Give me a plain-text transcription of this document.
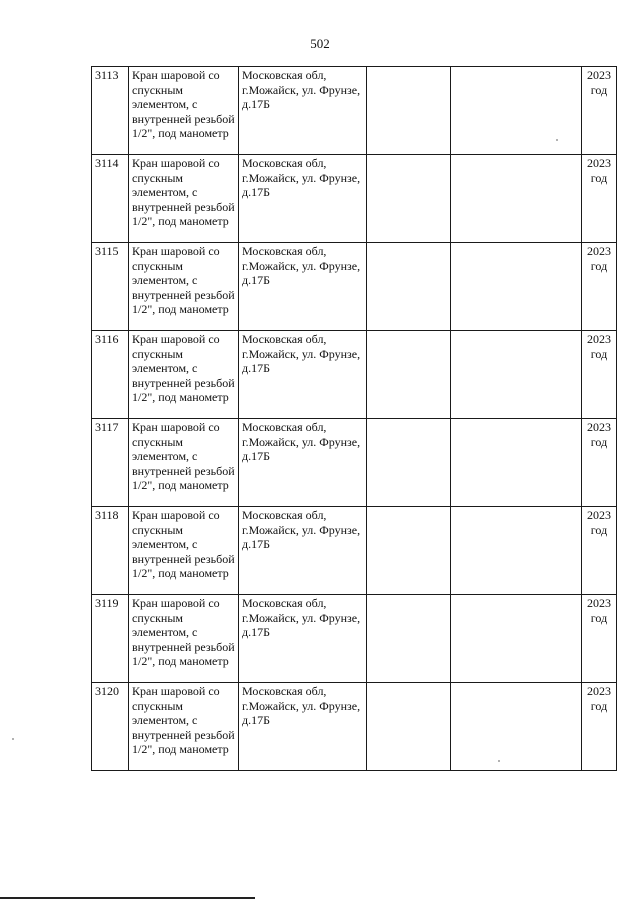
502
3113	Кран шаровой со спускным элементом, с внутренней резьбой 1/2", под манометр	Московская обл, г.Можайск, ул. Фрунзе, д.17Б			2023 год
3114	Кран шаровой со спускным элементом, с внутренней резьбой 1/2", под манометр	Московская обл, г.Можайск, ул. Фрунзе, д.17Б			2023 год
3115	Кран шаровой со спускным элементом, с внутренней резьбой 1/2", под манометр	Московская обл, г.Можайск, ул. Фрунзе, д.17Б			2023 год
3116	Кран шаровой со спускным элементом, с внутренней резьбой 1/2", под манометр	Московская обл, г.Можайск, ул. Фрунзе, д.17Б			2023 год
3117	Кран шаровой со спускным элементом, с внутренней резьбой 1/2", под манометр	Московская обл, г.Можайск, ул. Фрунзе, д.17Б			2023 год
3118	Кран шаровой со спускным элементом, с внутренней резьбой 1/2", под манометр	Московская обл, г.Можайск, ул. Фрунзе, д.17Б			2023 год
3119	Кран шаровой со спускным элементом, с внутренней резьбой 1/2", под манометр	Московская обл, г.Можайск, ул. Фрунзе, д.17Б			2023 год
3120	Кран шаровой со спускным элементом, с внутренней резьбой 1/2", под манометр	Московская обл, г.Можайск, ул. Фрунзе, д.17Б			2023 год
